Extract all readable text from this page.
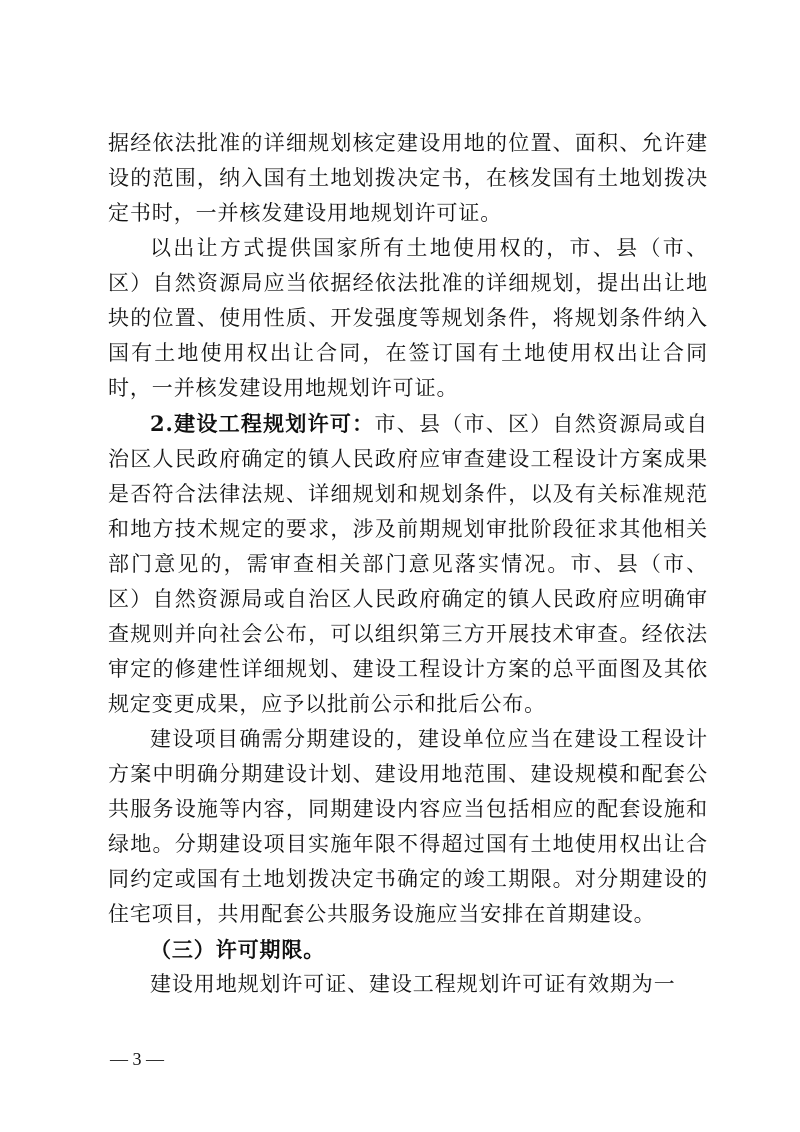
据经依法批准的详细规划核定建设用地的位置、面积、允许建设的范围，纳入国有土地划拨决定书，在核发国有土地划拨决定书时，一并核发建设用地规划许可证。

以出让方式提供国家所有土地使用权的，市、县（市、区）自然资源局应当依据经依法批准的详细规划，提出出让地块的位置、使用性质、开发强度等规划条件，将规划条件纳入国有土地使用权出让合同，在签订国有土地使用权出让合同时，一并核发建设用地规划许可证。

2.建设工程规划许可：市、县（市、区）自然资源局或自治区人民政府确定的镇人民政府应审查建设工程设计方案成果是否符合法律法规、详细规划和规划条件，以及有关标准规范和地方技术规定的要求，涉及前期规划审批阶段征求其他相关部门意见的，需审查相关部门意见落实情况。市、县（市、区）自然资源局或自治区人民政府确定的镇人民政府应明确审查规则并向社会公布，可以组织第三方开展技术审查。经依法审定的修建性详细规划、建设工程设计方案的总平面图及其依规定变更成果，应予以批前公示和批后公布。

建设项目确需分期建设的，建设单位应当在建设工程设计方案中明确分期建设计划、建设用地范围、建设规模和配套公共服务设施等内容，同期建设内容应当包括相应的配套设施和绿地。分期建设项目实施年限不得超过国有土地使用权出让合同约定或国有土地划拨决定书确定的竣工期限。对分期建设的住宅项目，共用配套公共服务设施应当安排在首期建设。

（三）许可期限。

建设用地规划许可证、建设工程规划许可证有效期为一

— 3 —
